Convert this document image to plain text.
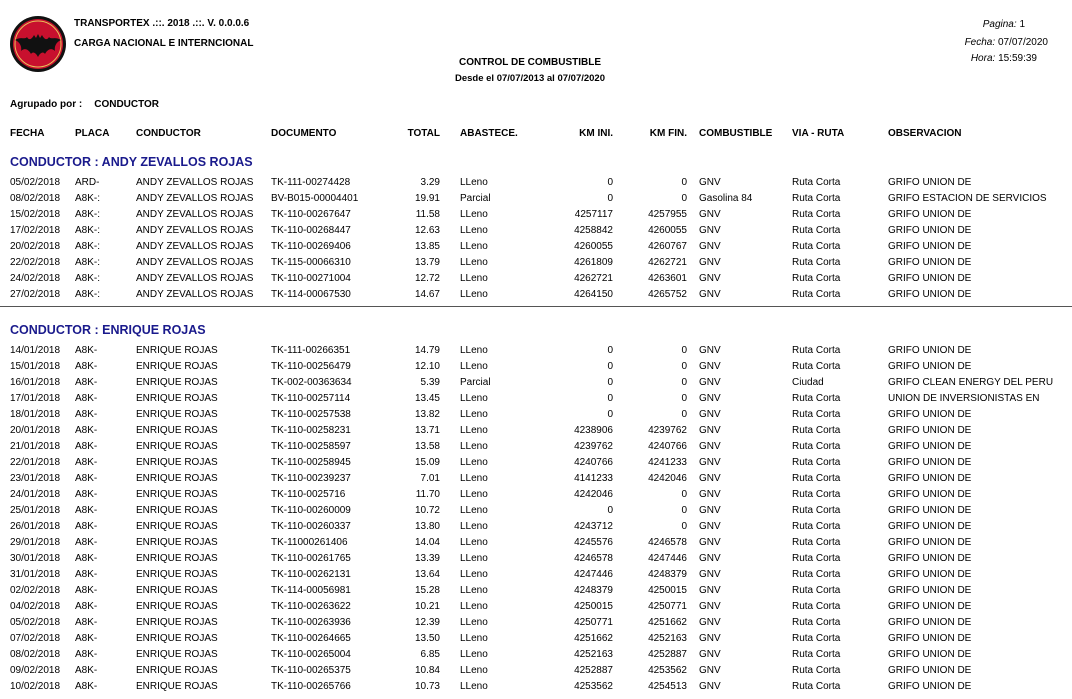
TRANSPORTEX .::. 2018 .::. V. 0.0.0.6
CARGA NACIONAL E INTERNCIONAL
CONTROL DE COMBUSTIBLE
Desde el 07/07/2013 al 07/07/2020
Pagina: 1
Fecha: 07/07/2020
Hora: 15:59:39
Agrupado por : CONDUCTOR
FECHA	PLACA	CONDUCTOR	DOCUMENTO	TOTAL ABASTECE.	KM INI.	KM FIN. COMBUSTIBLE VIA - RUTA	OBSERVACION
CONDUCTOR : ANDY ZEVALLOS ROJAS
05/02/2018 ARD-	ANDY ZEVALLOS ROJAS TK-111-00274428	3.29 LLeno	0	0 GNV	Ruta Corta	GRIFO UNION DE
08/02/2018 A8K-:	ANDY ZEVALLOS ROJAS BV-B015-00004401	19.91 Parcial	0	0 Gasolina 84	Ruta Corta	GRIFO ESTACION DE SERVICIOS
15/02/2018 A8K-:	ANDY ZEVALLOS ROJAS TK-110-00267647	11.58 LLeno	4257117	4257955 GNV	Ruta Corta	GRIFO UNION DE
17/02/2018 A8K-:	ANDY ZEVALLOS ROJAS TK-110-00268447	12.63 LLeno	4258842	4260055 GNV	Ruta Corta	GRIFO UNION DE
20/02/2018 A8K-:	ANDY ZEVALLOS ROJAS TK-110-00269406	13.85 LLeno	4260055	4260767 GNV	Ruta Corta	GRIFO UNION DE
22/02/2018 A8K-:	ANDY ZEVALLOS ROJAS TK-115-00066310	13.79 LLeno	4261809	4262721 GNV	Ruta Corta	GRIFO UNION DE
24/02/2018 A8K-:	ANDY ZEVALLOS ROJAS TK-110-00271004	12.72 LLeno	4262721	4263601 GNV	Ruta Corta	GRIFO UNION DE
27/02/2018 A8K-:	ANDY ZEVALLOS ROJAS TK-114-00067530	14.67 LLeno	4264150	4265752 GNV	Ruta Corta	GRIFO UNION DE
CONDUCTOR : ENRIQUE ROJAS
14/01/2018 A8K-	ENRIQUE ROJAS	TK-111-00266351	14.79 LLeno	0	0 GNV	Ruta Corta	GRIFO UNION DE
15/01/2018 A8K-	ENRIQUE ROJAS	TK-110-00256479	12.10 LLeno	0	0 GNV	Ruta Corta	GRIFO UNION DE
16/01/2018 A8K-	ENRIQUE ROJAS	TK-002-00363634	5.39 Parcial	0	0 GNV	Ciudad	GRIFO CLEAN ENERGY DEL PERU
17/01/2018 A8K-	ENRIQUE ROJAS	TK-110-00257114	13.45 LLeno	0	0 GNV	Ruta Corta	UNION DE INVERSIONISTAS EN
18/01/2018 A8K-	ENRIQUE ROJAS	TK-110-00257538	13.82 LLeno	0	0 GNV	Ruta Corta	GRIFO UNION DE
20/01/2018 A8K-	ENRIQUE ROJAS	TK-110-00258231	13.71 LLeno	4238906	4239762 GNV	Ruta Corta	GRIFO UNION DE
21/01/2018 A8K-	ENRIQUE ROJAS	TK-110-00258597	13.58 LLeno	4239762	4240766 GNV	Ruta Corta	GRIFO UNION DE
22/01/2018 A8K-	ENRIQUE ROJAS	TK-110-00258945	15.09 LLeno	4240766	4241233 GNV	Ruta Corta	GRIFO UNION DE
23/01/2018 A8K-	ENRIQUE ROJAS	TK-110-00239237	7.01 LLeno	4141233	4242046 GNV	Ruta Corta	GRIFO UNION DE
24/01/2018 A8K-	ENRIQUE ROJAS	TK-110-0025716	11.70 LLeno	4242046	0 GNV	Ruta Corta	GRIFO UNION DE
25/01/2018 A8K-	ENRIQUE ROJAS	TK-110-00260009	10.72 LLeno	0	0 GNV	Ruta Corta	GRIFO UNION DE
26/01/2018 A8K-	ENRIQUE ROJAS	TK-110-00260337	13.80 LLeno	4243712	0 GNV	Ruta Corta	GRIFO UNION DE
29/01/2018 A8K-	ENRIQUE ROJAS	TK-11000261406	14.04 LLeno	4245576	4246578 GNV	Ruta Corta	GRIFO UNION DE
30/01/2018 A8K-	ENRIQUE ROJAS	TK-110-00261765	13.39 LLeno	4246578	4247446 GNV	Ruta Corta	GRIFO UNION DE
31/01/2018 A8K-	ENRIQUE ROJAS	TK-110-00262131	13.64 LLeno	4247446	4248379 GNV	Ruta Corta	GRIFO UNION DE
02/02/2018 A8K-	ENRIQUE ROJAS	TK-114-00056981	15.28 LLeno	4248379	4250015 GNV	Ruta Corta	GRIFO UNION DE
04/02/2018 A8K-	ENRIQUE ROJAS	TK-110-00263622	10.21 LLeno	4250015	4250771 GNV	Ruta Corta	GRIFO UNION DE
05/02/2018 A8K-	ENRIQUE ROJAS	TK-110-00263936	12.39 LLeno	4250771	4251662 GNV	Ruta Corta	GRIFO UNION DE
07/02/2018 A8K-	ENRIQUE ROJAS	TK-110-00264665	13.50 LLeno	4251662	4252163 GNV	Ruta Corta	GRIFO UNION DE
08/02/2018 A8K-	ENRIQUE ROJAS	TK-110-00265004	6.85 LLeno	4252163	4252887 GNV	Ruta Corta	GRIFO UNION DE
09/02/2018 A8K-	ENRIQUE ROJAS	TK-110-00265375	10.84 LLeno	4252887	4253562 GNV	Ruta Corta	GRIFO UNION DE
10/02/2018 A8K-	ENRIQUE ROJAS	TK-110-00265766	10.73 LLeno	4253562	4254513 GNV	Ruta Corta	GRIFO UNION DE
